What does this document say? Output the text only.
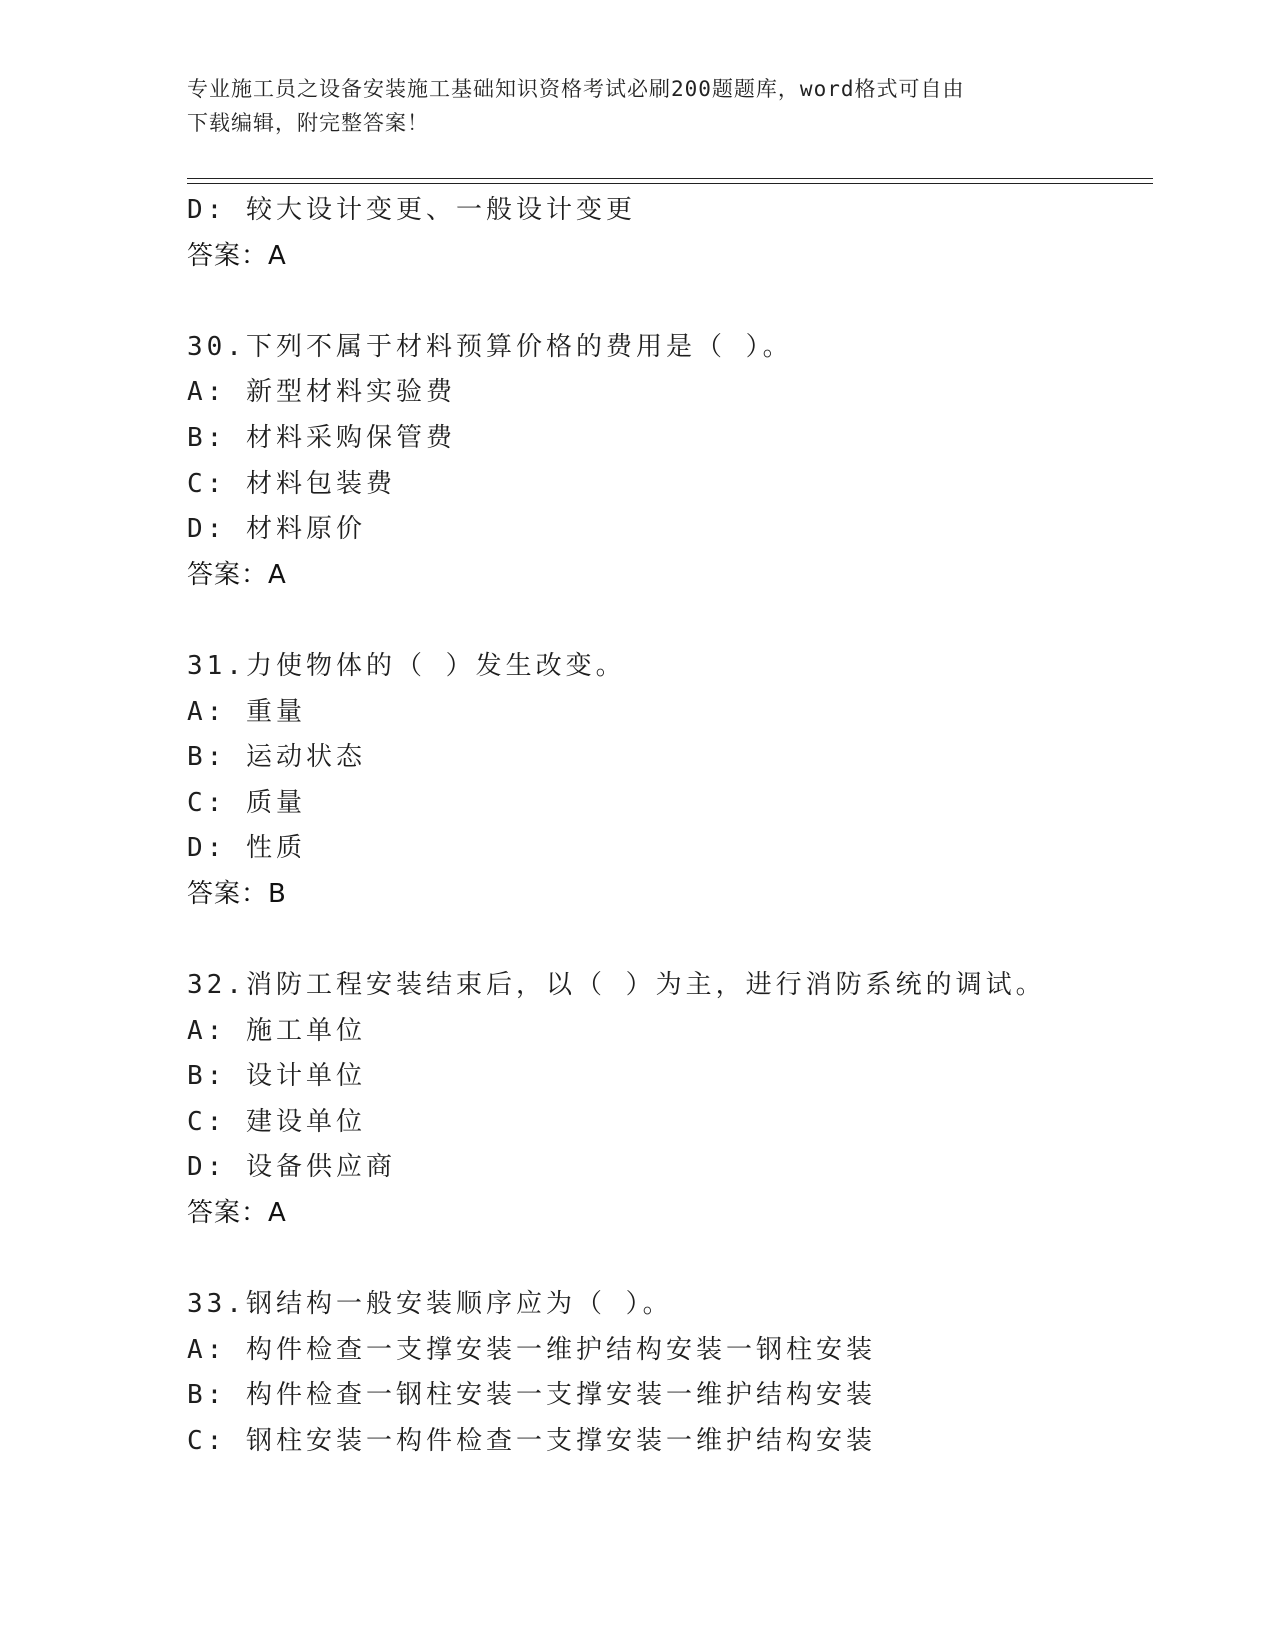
专业施工员之设备安装施工基础知识资格考试必刷200题题库，word格式可自由
下载编辑，附完整答案！
D: 较大设计变更、一般设计变更
答案：A
30.下列不属于材料预算价格的费用是（ ）。
A: 新型材料实验费
B: 材料采购保管费
C: 材料包装费
D: 材料原价
答案：A
31.力使物体的（ ）发生改变。
A: 重量
B: 运动状态
C: 质量
D: 性质
答案：B
32.消防工程安装结束后，以（ ）为主，进行消防系统的调试。
A: 施工单位
B: 设计单位
C: 建设单位
D: 设备供应商
答案：A
33.钢结构一般安装顺序应为（ ）。
A: 构件检查一支撑安装一维护结构安装一钢柱安装
B: 构件检查一钢柱安装一支撑安装一维护结构安装
C: 钢柱安装一构件检查一支撑安装一维护结构安装
